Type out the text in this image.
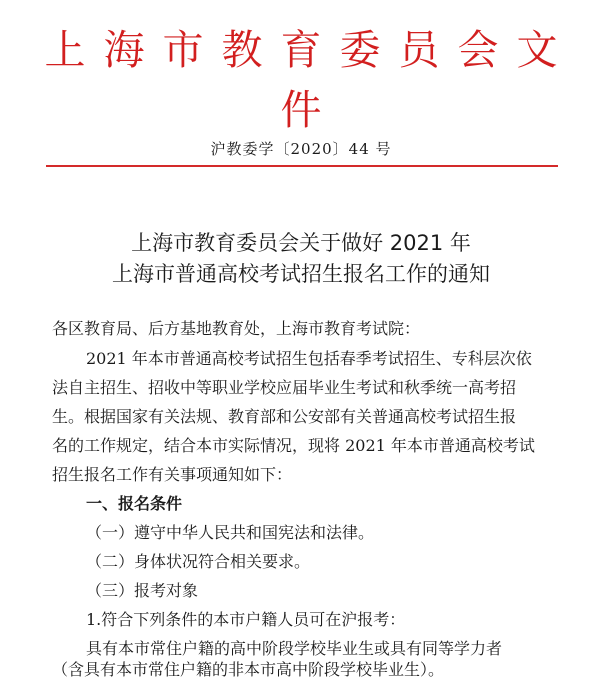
上海市教育委员会文件
沪教委学〔2020〕44 号
上海市教育委员会关于做好 2021 年
上海市普通高校考试招生报名工作的通知
各区教育局、后方基地教育处，上海市教育考试院：
2021 年本市普通高校考试招生包括春季考试招生、专科层次依
法自主招生、招收中等职业学校应届毕业生考试和秋季统一高考招
生。根据国家有关法规、教育部和公安部有关普通高校考试招生报
名的工作规定，结合本市实际情况，现将 2021 年本市普通高校考试
招生报名工作有关事项通知如下：
一、报名条件
（一）遵守中华人民共和国宪法和法律。
（二）身体状况符合相关要求。
（三）报考对象
1.符合下列条件的本市户籍人员可在沪报考：
具有本市常住户籍的高中阶段学校毕业生或具有同等学力者
（含具有本市常住户籍的非本市高中阶段学校毕业生）。
